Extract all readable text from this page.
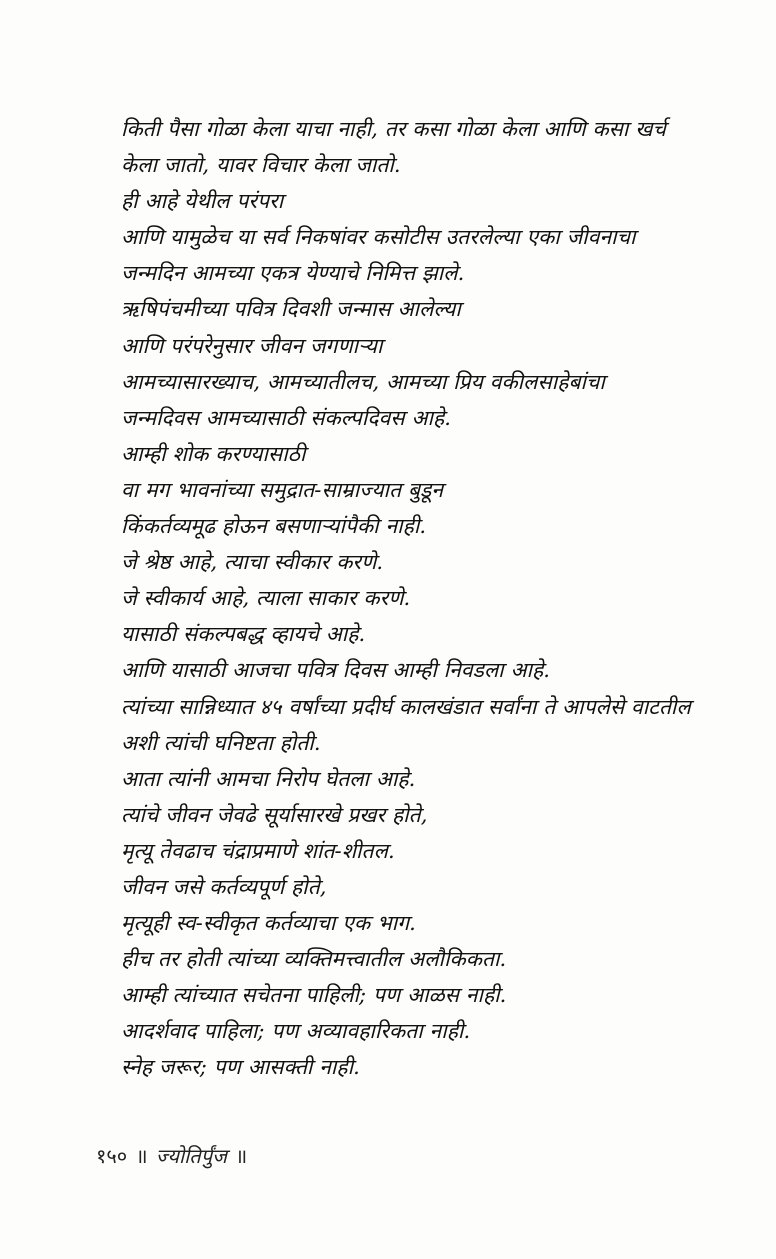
किती पैसा गोळा केला याचा नाही, तर कसा गोळा केला आणि कसा खर्च
केला जातो, यावर विचार केला जातो.
ही आहे येथील परंपरा
आणि यामुळेच या सर्व निकषांवर कसोटीस उतरलेल्या एका जीवनाचा
जन्मदिन आमच्या एकत्र येण्याचे निमित्त झाले.
ऋषिपंचमीच्या पवित्र दिवशी जन्मास आलेल्या
आणि परंपरेनुसार जीवन जगणाऱ्या
आमच्यासारख्याच, आमच्यातीलच, आमच्या प्रिय वकीलसाहेबांचा
जन्मदिवस आमच्यासाठी संकल्पदिवस आहे.
आम्ही शोक करण्यासाठी
वा मग भावनांच्या समुद्रात-साम्राज्यात बुडून
किंकर्तव्यमूढ होऊन बसणाऱ्यांपैकी नाही.
जे श्रेष्ठ आहे, त्याचा स्वीकार करणे.
जे स्वीकार्य आहे, त्याला साकार करणे.
यासाठी संकल्पबद्ध व्हायचे आहे.
आणि यासाठी आजचा पवित्र दिवस आम्ही निवडला आहे.
त्यांच्या सान्निध्यात ४५ वर्षांच्या प्रदीर्घ कालखंडात सर्वांना ते आपलेसे वाटतील
अशी त्यांची घनिष्टता होती.
आता त्यांनी आमचा निरोप घेतला आहे.
त्यांचे जीवन जेवढे सूर्यासारखे प्रखर होते,
मृत्यू तेवढाच चंद्राप्रमाणे शांत-शीतल.
जीवन जसे कर्तव्यपूर्ण होते,
मृत्यूही स्व-स्वीकृत कर्तव्याचा एक भाग.
हीच तर होती त्यांच्या व्यक्तिमत्त्वातील अलौकिकता.
आम्ही त्यांच्यात सचेतना पाहिली; पण आळस नाही.
आदर्शवाद पाहिला; पण अव्यावहारिकता नाही.
स्नेह जरूर; पण आसक्ती नाही.
१५० ॥ ज्योतिर्पुंज ॥
